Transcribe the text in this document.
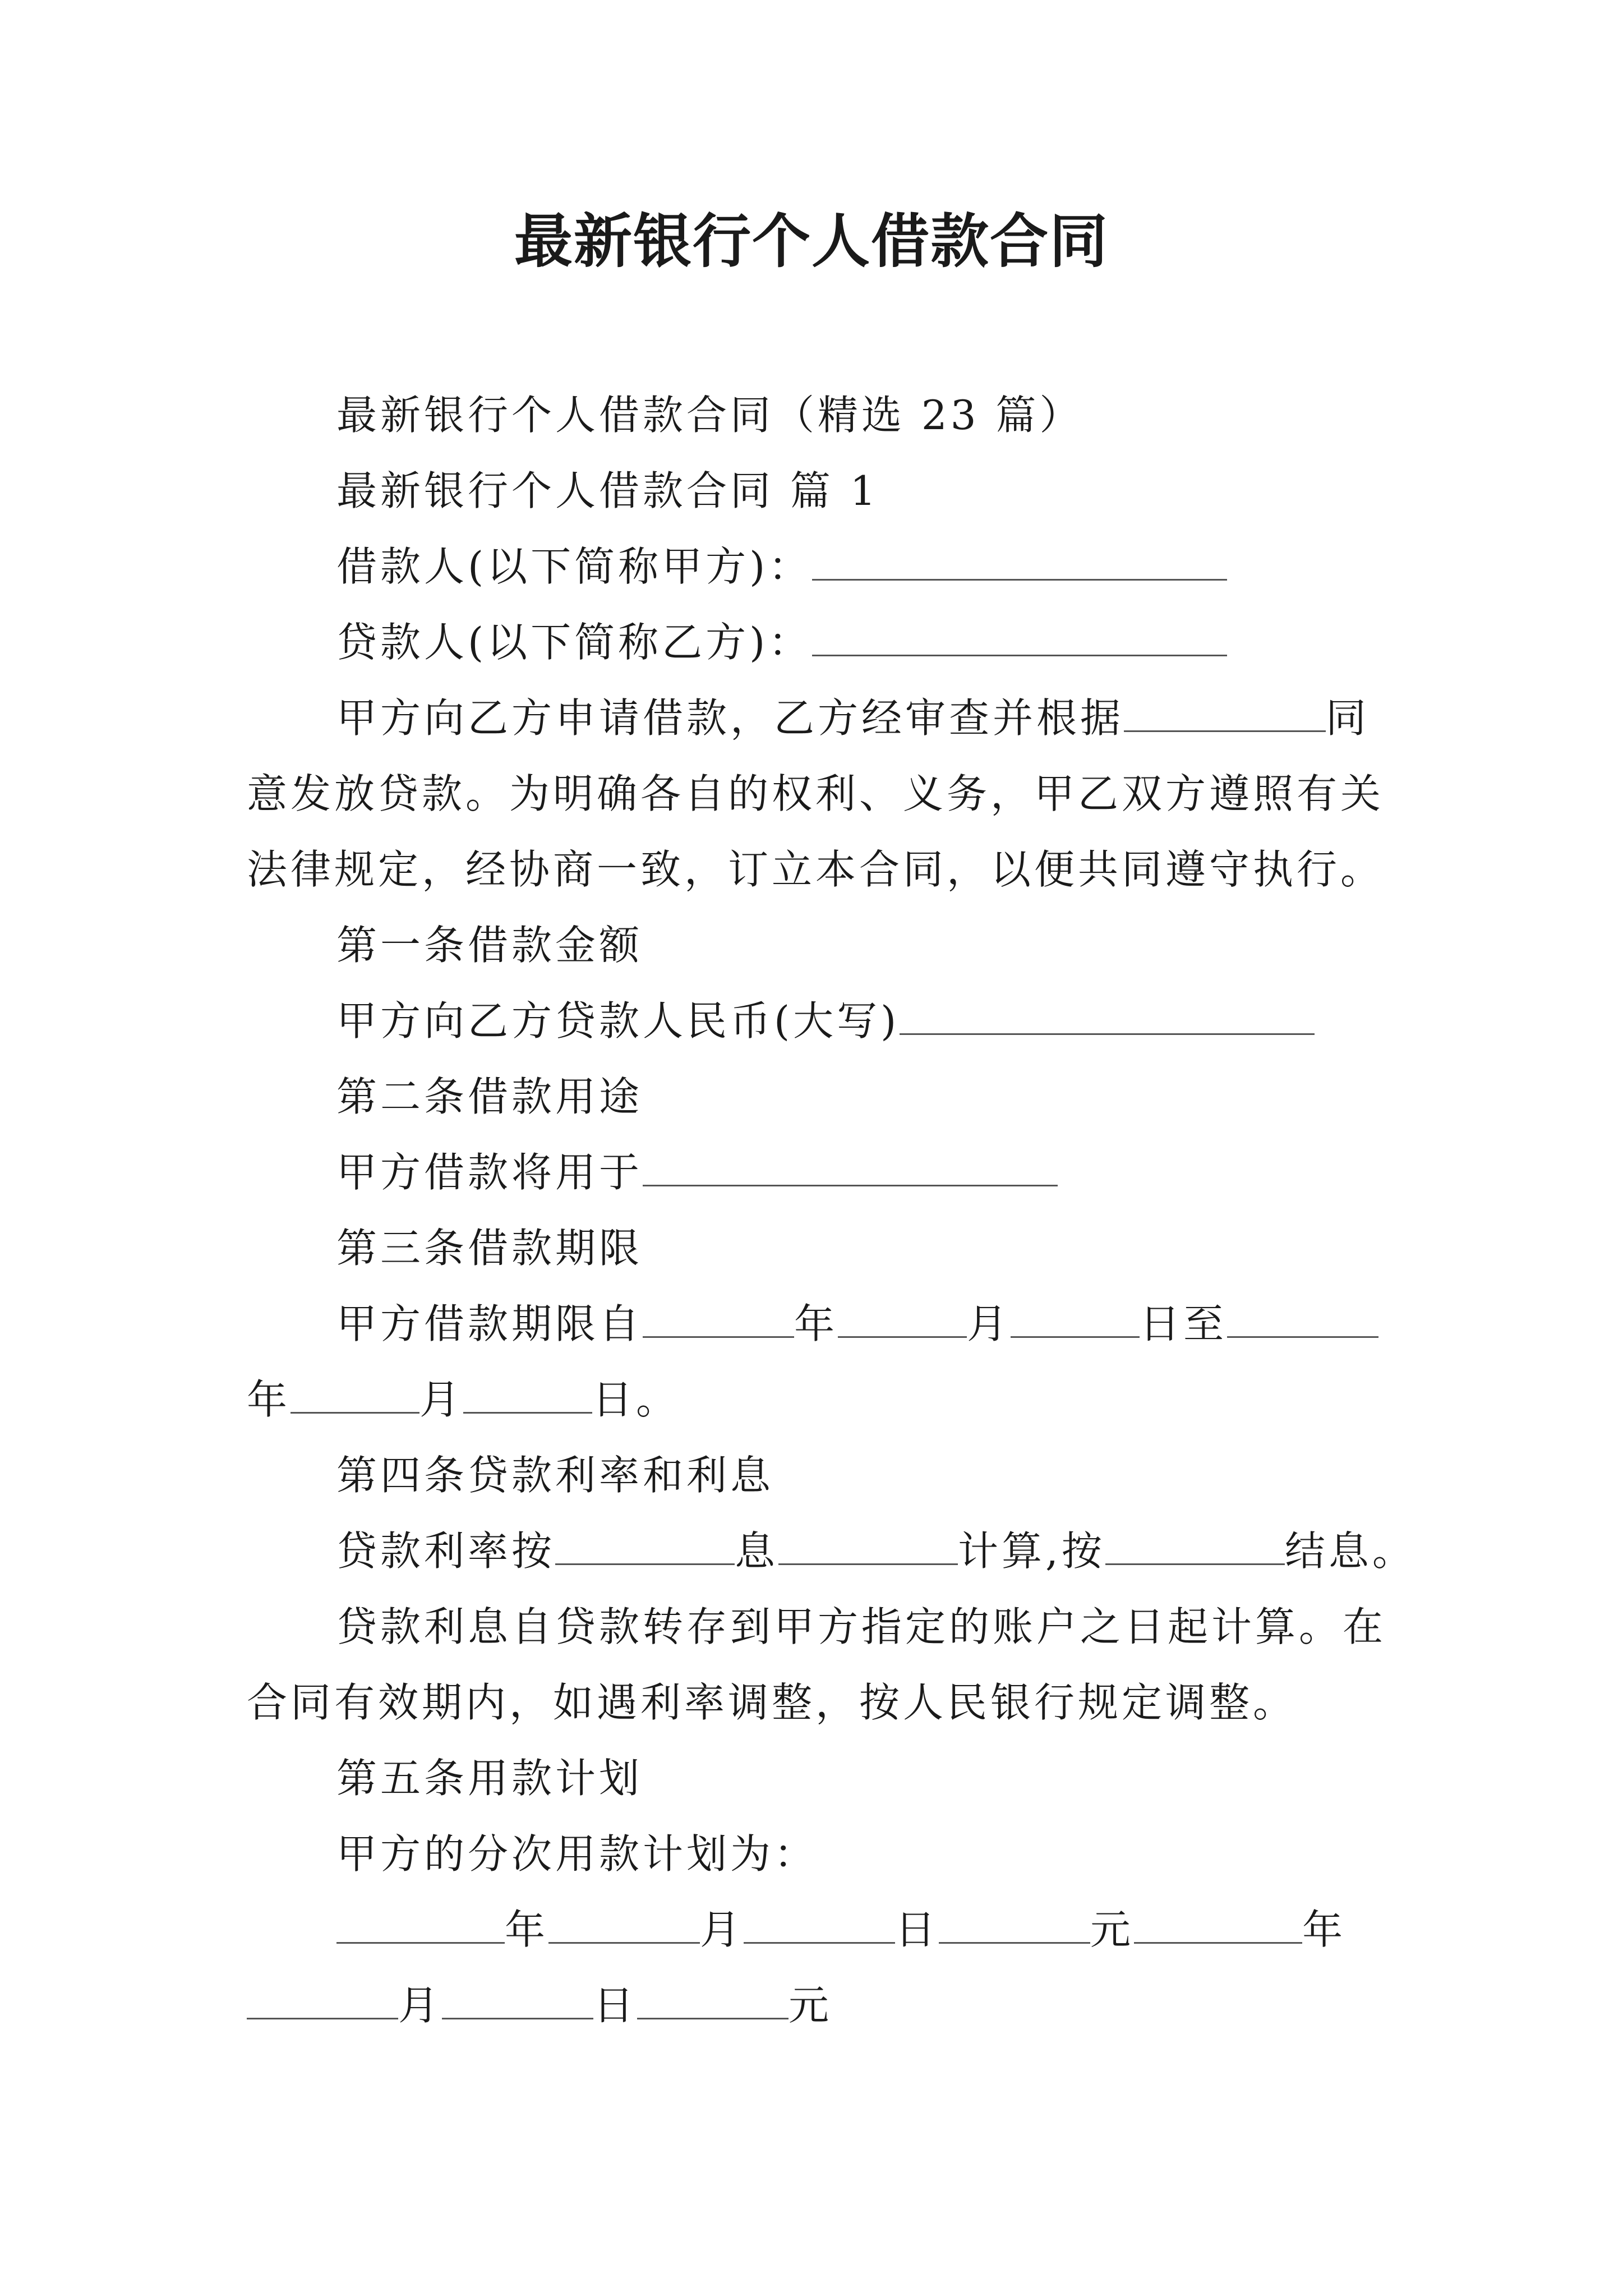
最新银行个人借款合同
最新银行个人借款合同（精选 23 篇）
最新银行个人借款合同 篇 1
借款人(以下简称甲方)：
贷款人(以下简称乙方)：
甲方向乙方申请借款，乙方经审查并根据	同
意发放贷款。为明确各自的权利、义务，甲乙双方遵照有关
法律规定，经协商一致，订立本合同，以便共同遵守执行。
第一条借款金额
甲方向乙方贷款人民币(大写)
第二条借款用途
甲方借款将用于
第三条借款期限
甲方借款期限自	年	月	日至
年	月	日。
第四条贷款利率和利息
贷款利率按	息	计算,按	结息。
贷款利息自贷款转存到甲方指定的账户之日起计算。在
合同有效期内，如遇利率调整，按人民银行规定调整。
第五条用款计划
甲方的分次用款计划为：
年	月	日	元	年
月	日	元
